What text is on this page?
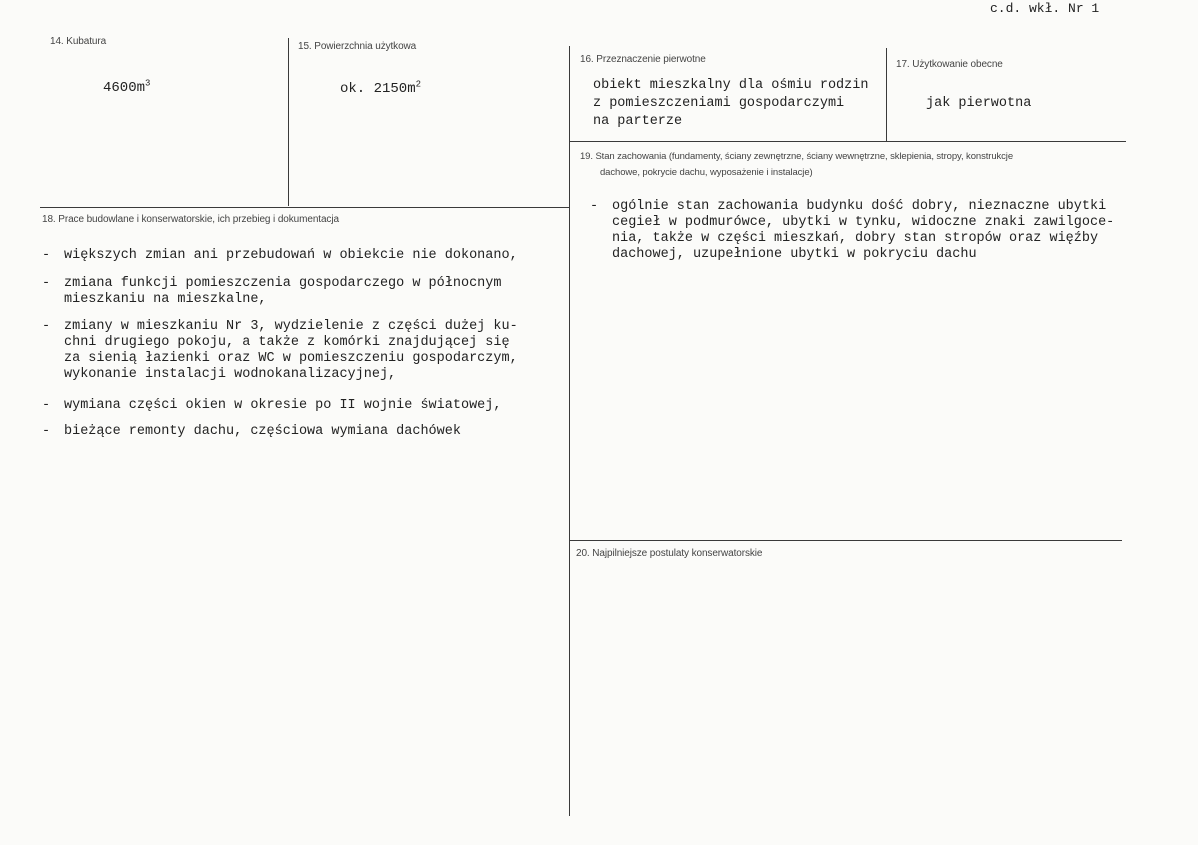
c.d. wkł. Nr 1
14. Kubatura
$4600m^3$
15. Powierzchnia użytkowa
ok. $2150m^2$
16. Przeznaczenie pierwotne
obiekt mieszkalny dla ośmiu rodzin
z pomieszczeniami gospodarczymi
na parterze
17. Użytkowanie obecne
jak pierwotna
18. Prace budowlane i konserwatorskie, ich przebieg i dokumentacja
- większych zmian ani przebudowań w obiekcie nie dokonano,
- zmiana funkcji pomieszczenia gospodarczego w północnym
mieszkaniu na mieszkalne,
- zmiany w mieszkaniu Nr 3, wydzielenie z części dużej ku-
chni drugiego pokoju, a także z komórki znajdującej się
za sienią łazienki oraz WC w pomieszczeniu gospodarczym,
wykonanie instalacji wodnokanalizacyjnej,
- wymiana części okien w okresie po II wojnie światowej,
- bieżące remonty dachu, częściowa wymiana dachówek
19. Stan zachowania (fundamenty, ściany zewnętrzne, ściany wewnętrzne, sklepienia, stropy, konstrukcje
dachowe, pokrycie dachu, wyposażenie i instalacje)
- ogólnie stan zachowania budynku dość dobry, nieznaczne ubytki
cegieł w podmurówce, ubytki w tynku, widoczne znaki zawilgoce-
nia, także w części mieszkań, dobry stan stropów oraz więźby
dachowej, uzupełnione ubytki w pokryciu dachu
20. Najpilniejsze postulaty konserwatorskie
